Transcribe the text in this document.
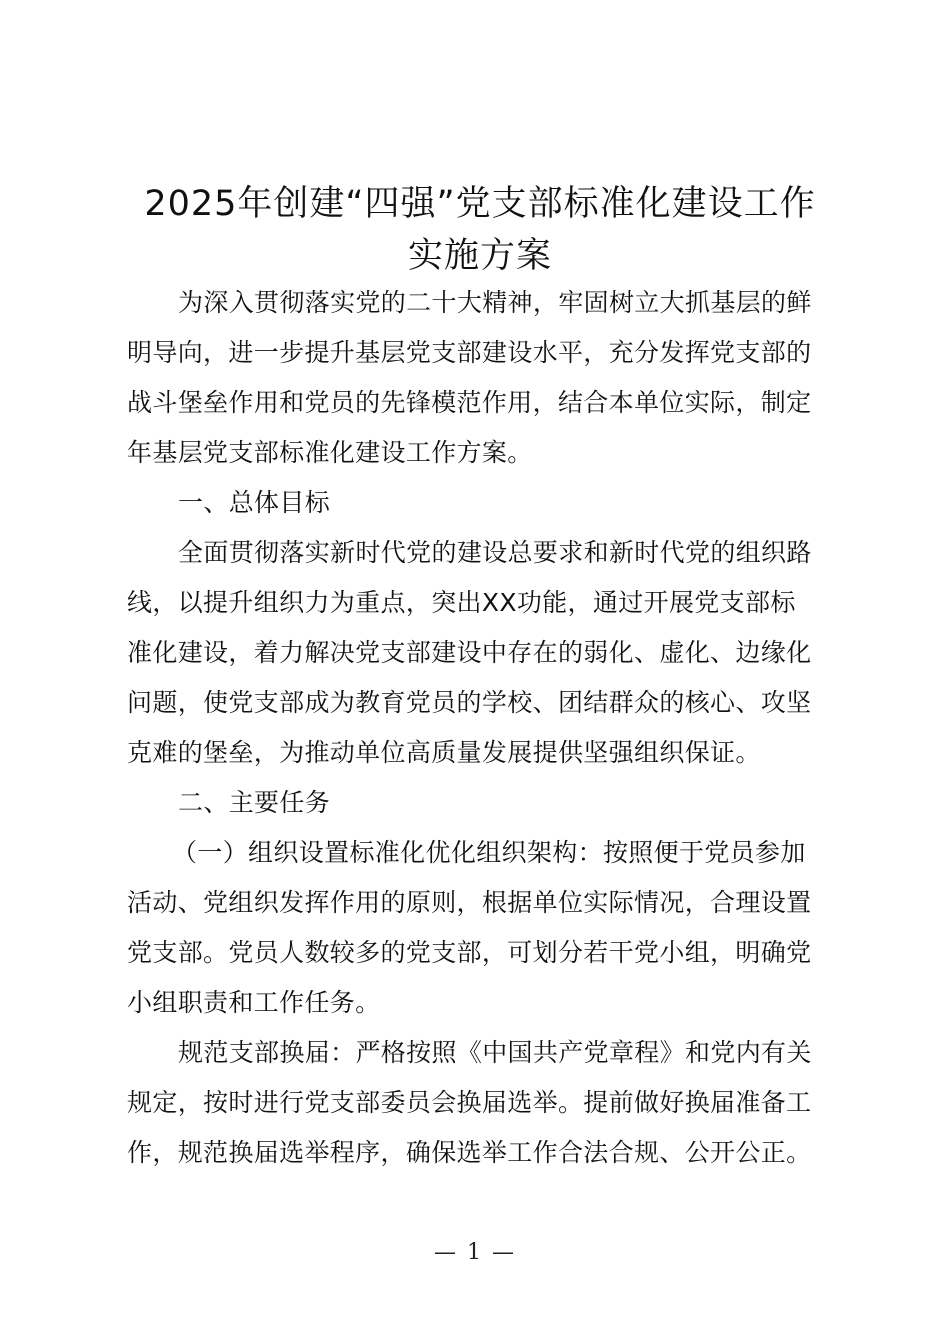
2025年创建“四强”党支部标准化建设工作
实施方案
为深入贯彻落实党的二十大精神，牢固树立大抓基层的鲜
明导向，进一步提升基层党支部建设水平，充分发挥党支部的
战斗堡垒作用和党员的先锋模范作用，结合本单位实际，制定
年基层党支部标准化建设工作方案。
一、总体目标
全面贯彻落实新时代党的建设总要求和新时代党的组织路
线，以提升组织力为重点，突出XX功能，通过开展党支部标
准化建设，着力解决党支部建设中存在的弱化、虚化、边缘化
问题，使党支部成为教育党员的学校、团结群众的核心、攻坚
克难的堡垒，为推动单位高质量发展提供坚强组织保证。
二、主要任务
（一）组织设置标准化优化组织架构：按照便于党员参加
活动、党组织发挥作用的原则，根据单位实际情况，合理设置
党支部。党员人数较多的党支部，可划分若干党小组，明确党
小组职责和工作任务。
规范支部换届：严格按照《中国共产党章程》和党内有关
规定，按时进行党支部委员会换届选举。提前做好换届准备工
作，规范换届选举程序，确保选举工作合法合规、公开公正。
— 1 —
